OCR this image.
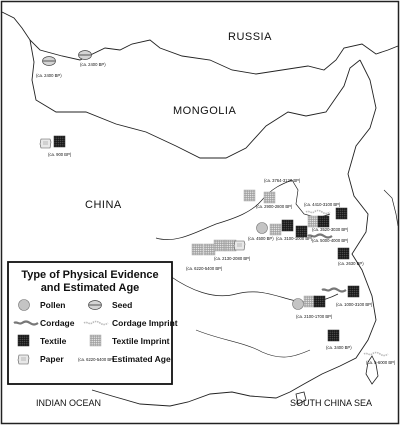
RUSSIA
MONGOLIA
CHINA
INDIAN OCEAN	SOUTH CHINA SEA
(ca. 2400 BP)
(ca. 2400 BP)
(ca. 900 BP)
(ca. 3764-3120 BP)
(ca. 2900-2800 BP)	(ca. 4410-3100 BP)
(ca. 3520-3030 BP)
(ca. 5000-4000 BP)
(ca. 4500 BP) (ca. 3100-1000 BP)
(ca. 2630 BP)
(ca. 6220-5400 BP)
(ca. 2130-2080 BP)
(ca. 1000-3100 BP)
(ca. 2100-1700 BP)
(ca. 3400 BP)
(ca. 5-6000 BP)
Type of Physical Evidence
and Estimated Age
Pollen	Seed
Cordage	Cordage Imprint
Textile	Textile Imprint
Paper	(ca. 6220-5400 BP)
Estimated Age
